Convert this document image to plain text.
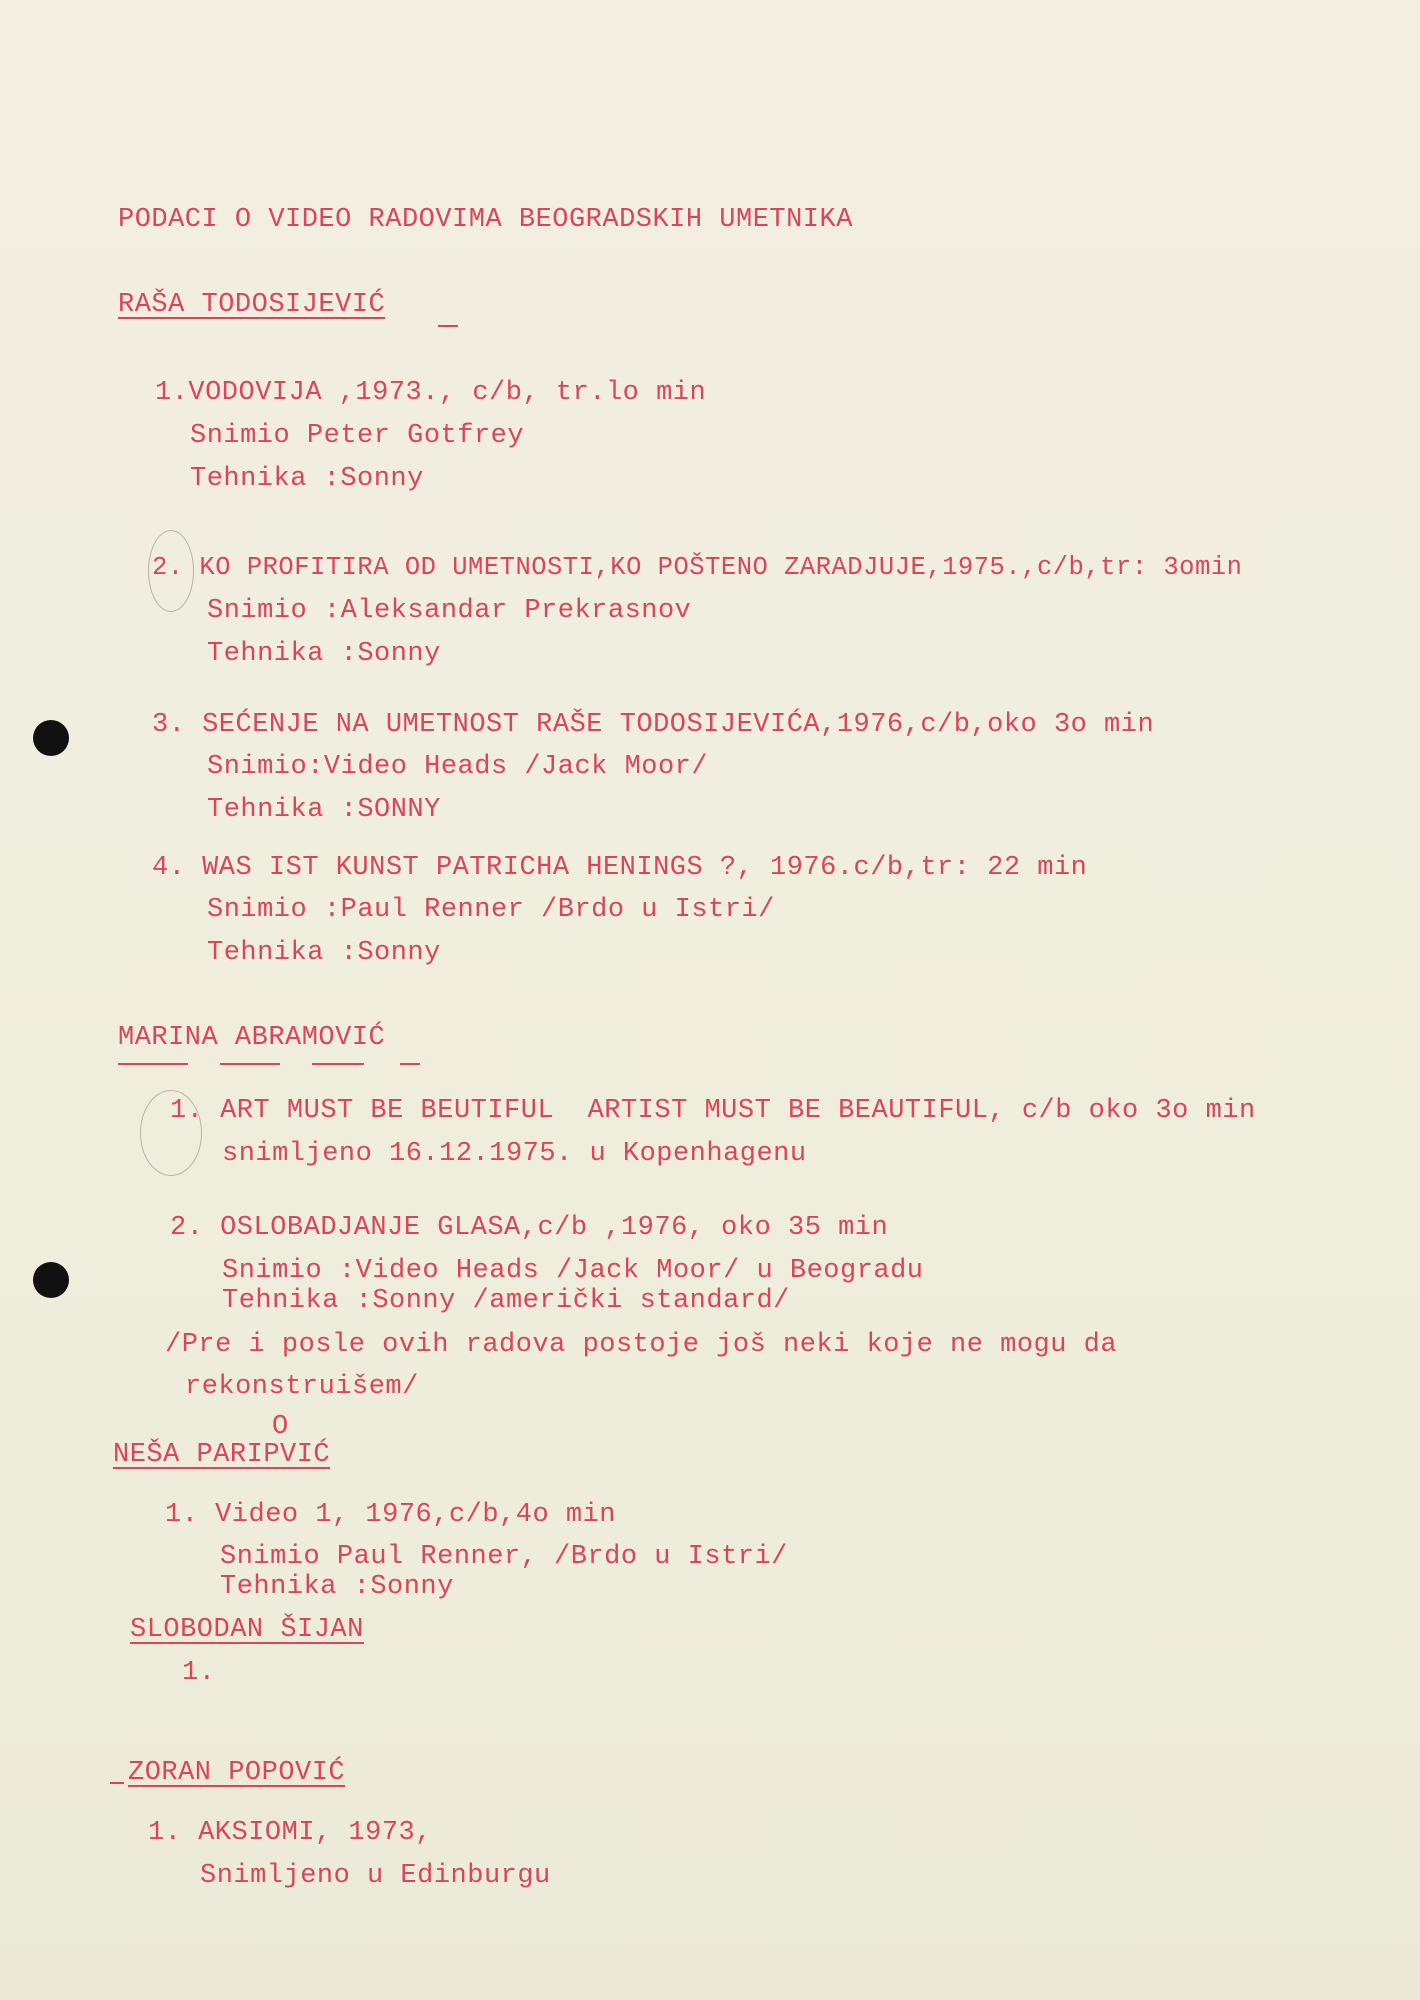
PODACI O VIDEO RADOVIMA BEOGRADSKIH UMETNIKA
RAŠA TODOSIJEVIĆ
1.VODOVIJA ,1973., c/b, tr.lo min
Snimio Peter Gotfrey
Tehnika :Sonny
2. KO PROFITIRA OD UMETNOSTI,KO POŠTENO ZARADJUJE,1975.,c/b,tr: 3omin
Snimio :Aleksandar Prekrasnov
Tehnika :Sonny
3. SEĆENJE NA UMETNOST RAŠE TODOSIJEVIĆA,1976,c/b,oko 3o min
Snimio:Video Heads /Jack Moor/
Tehnika :SONNY
4. WAS IST KUNST PATRICHA HENINGS ?, 1976.c/b,tr: 22 min
Snimio :Paul Renner /Brdo u Istri/
Tehnika :Sonny
MARINA ABRAMOVIĆ
1. ART MUST BE BEUTIFUL  ARTIST MUST BE BEAUTIFUL, c/b oko 3o min
snimljeno 16.12.1975. u Kopenhagenu
2. OSLOBADJANJE GLASA,c/b ,1976, oko 35 min
Snimio :Video Heads /Jack Moor/ u Beogradu
Tehnika :Sonny /američki standard/
/Pre i posle ovih radova postoje još neki koje ne mogu da
rekonstruišem/
O
NEŠA PARIPVIĆ
1. Video 1, 1976,c/b,4o min
Snimio Paul Renner, /Brdo u Istri/
Tehnika :Sonny
SLOBODAN ŠIJAN
1.
ZORAN POPOVIĆ
1. AKSIOMI, 1973,
Snimljeno u Edinburgu
